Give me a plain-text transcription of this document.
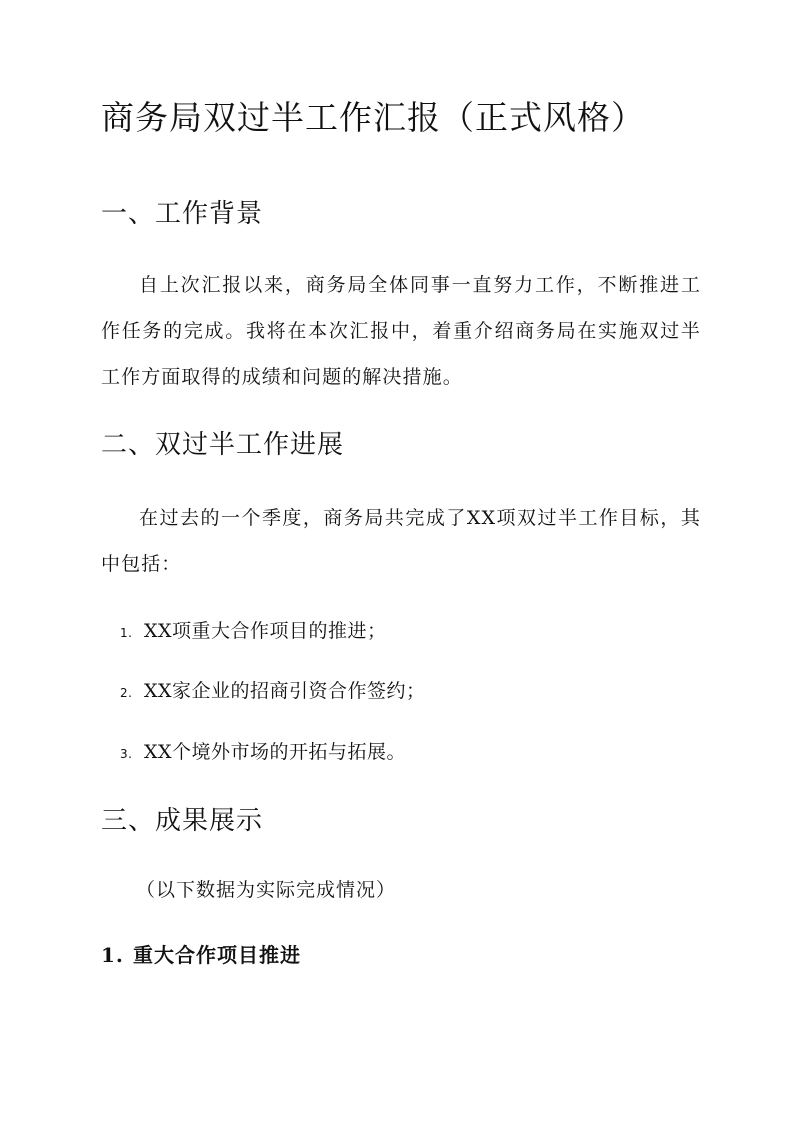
商务局双过半工作汇报（正式风格）
一、工作背景

自上次汇报以来，商务局全体同事一直努力工作，不断推进工作任务的完成。我将在本次汇报中，着重介绍商务局在实施双过半工作方面取得的成绩和问题的解决措施。

二、双过半工作进展

在过去的一个季度，商务局共完成了XX项双过半工作目标，其中包括：

1. XX项重大合作项目的推进；
2. XX家企业的招商引资合作签约；
3. XX个境外市场的开拓与拓展。
三、成果展示
（以下数据为实际完成情况）
1. 重大合作项目推进
